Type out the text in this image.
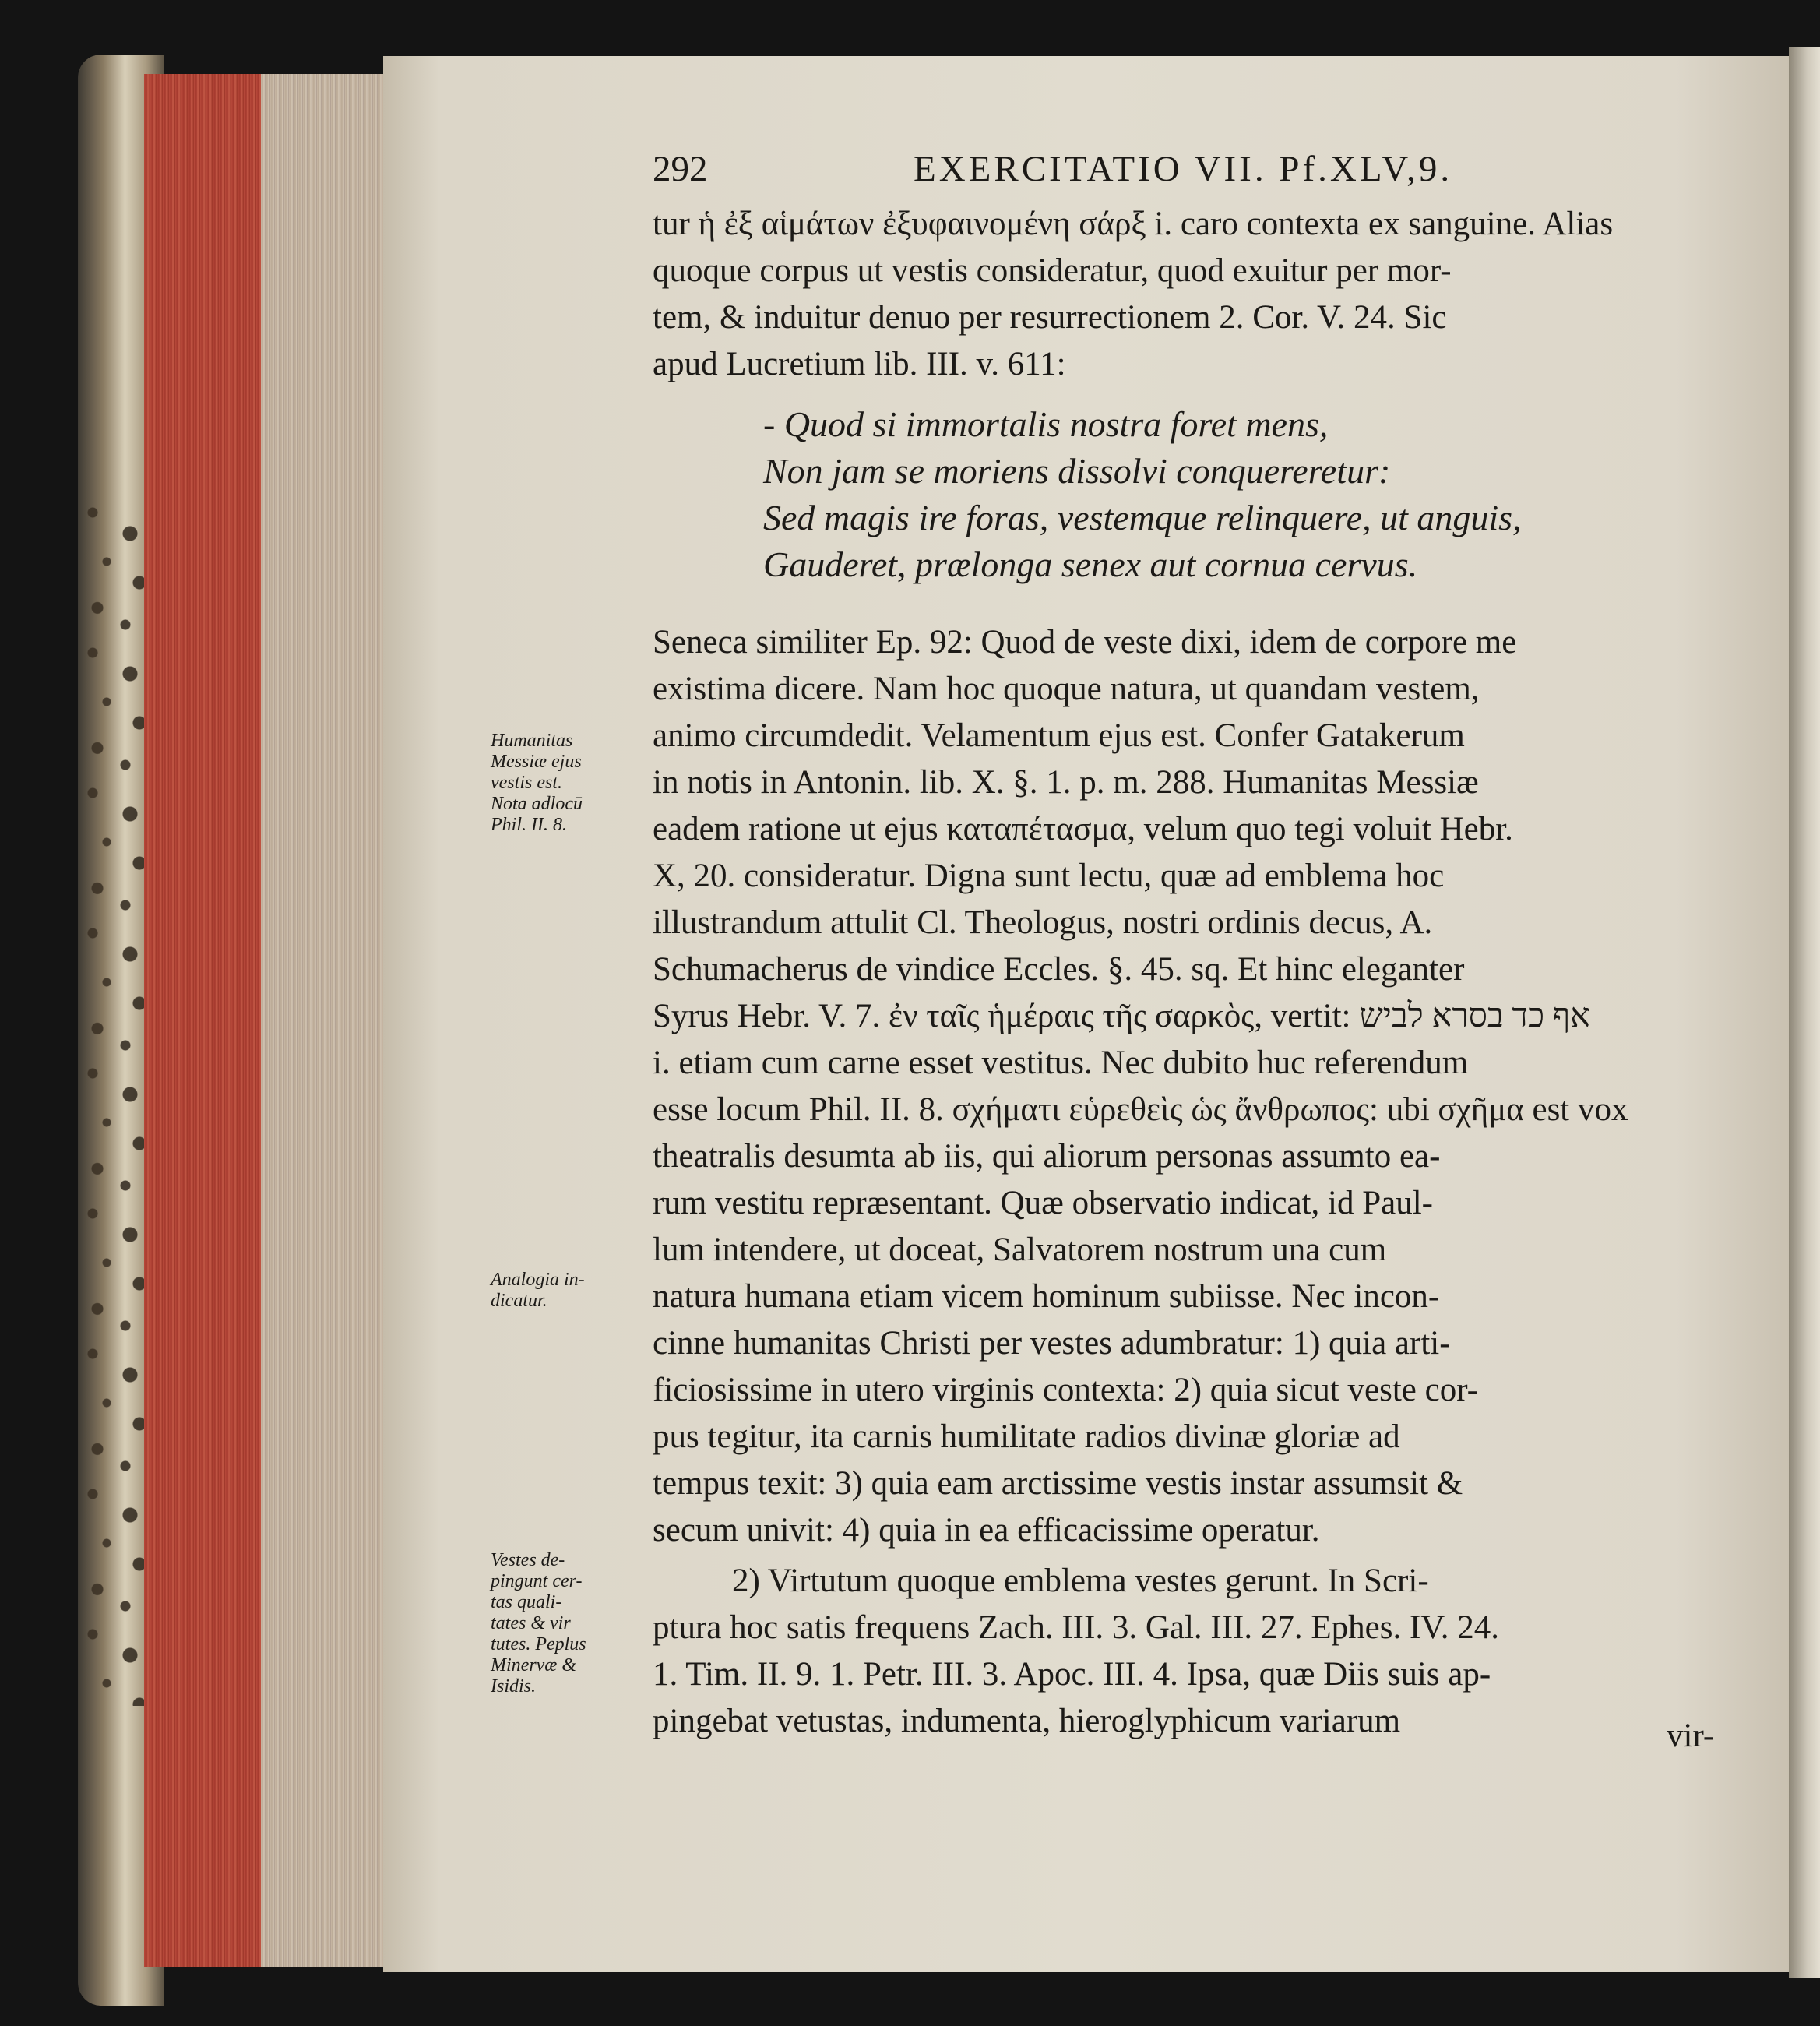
292	EXERCITATIO VII. Pf.XLV,9.
tur ἡ ἐξ αἱμάτων ἐξυφαινομένη σάρξ i. caro contexta ex sanguine. Alias
quoque corpus ut vestis consideratur, quod exuitur per mor-
tem, & induitur denuo per resurrectionem 2. Cor. V. 24. Sic
apud Lucretium lib. III. v. 611:
- Quod si immortalis nostra foret mens,
Non jam se moriens dissolvi conquereretur:
Sed magis ire foras, vestemque relinquere, ut anguis,
Gauderet, prælonga senex aut cornua cervus.
Seneca similiter Ep. 92: Quod de veste dixi, idem de corpore me
existima dicere. Nam hoc quoque natura, ut quandam vestem,
animo circumdedit. Velamentum ejus est. Confer Gatakerum
in notis in Antonin. lib. X. §. 1. p. m. 288. Humanitas Messiæ
eadem ratione ut ejus καταπέτασμα, velum quo tegi voluit Hebr.
X, 20. consideratur. Digna sunt lectu, quæ ad emblema hoc
illustrandum attulit Cl. Theologus, nostri ordinis decus, A.
Schumacherus de vindice Eccles. §. 45. sq. Et hinc eleganter
Syrus Hebr. V. 7. ἐν ταῖς ἡμέραις τῆς σαρκὸς, vertit: אף כד בסרא לביש
i. etiam cum carne esset vestitus. Nec dubito huc referendum
esse locum Phil. II. 8. σχήματι εὑρεθεὶς ὡς ἄνθρωπος: ubi σχῆμα est vox
theatralis desumta ab iis, qui aliorum personas assumto ea-
rum vestitu repræsentant. Quæ observatio indicat, id Paul-
lum intendere, ut doceat, Salvatorem nostrum una cum
natura humana etiam vicem hominum subiisse. Nec incon-
cinne humanitas Christi per vestes adumbratur: 1) quia arti-
ficiosissime in utero virginis contexta: 2) quia sicut veste cor-
pus tegitur, ita carnis humilitate radios divinæ gloriæ ad
tempus texit: 3) quia eam arctissime vestis instar assumsit &
secum univit: 4) quia in ea efficacissime operatur.
2) Virtutum quoque emblema vestes gerunt. In Scri-
ptura hoc satis frequens Zach. III. 3. Gal. III. 27. Ephes. IV. 24.
1. Tim. II. 9. 1. Petr. III. 3. Apoc. III. 4. Ipsa, quæ Diis suis ap-
pingebat vetustas, indumenta, hieroglyphicum variarum	vir-
Humanitas
Messiæ ejus
vestis est.
Nota adlocū
Phil. II. 8.
Analogia in-
dicatur.
Vestes de-
pingunt cer-
tas quali-
tates & vir
tutes. Peplus
Minervæ &
Isidis.
